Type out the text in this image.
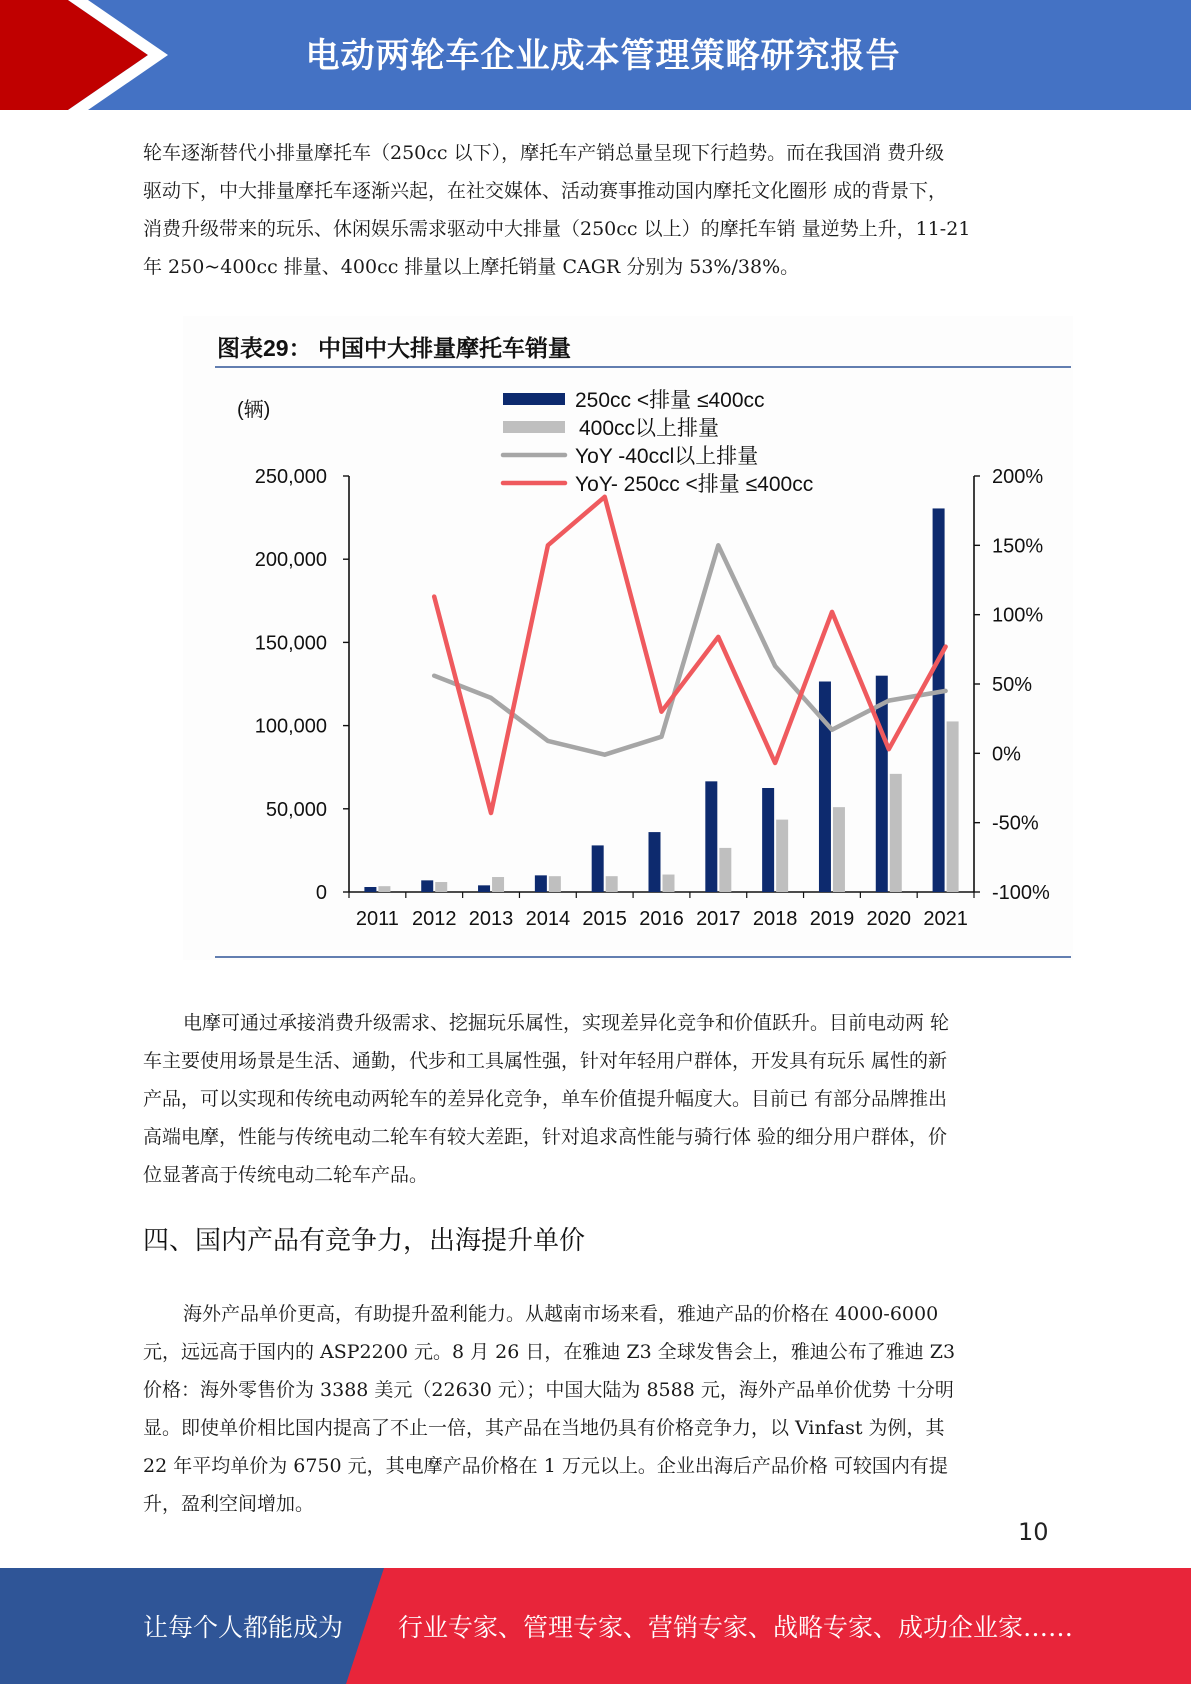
电动两轮车企业成本管理策略研究报告

轮车逐渐替代小排量摩托车（250cc 以下），摩托车产销总量呈现下行趋势。而在我国消 费升级

驱动下，中大排量摩托车逐渐兴起，在社交媒体、活动赛事推动国内摩托文化圈形 成的背景下，

消费升级带来的玩乐、休闲娱乐需求驱动中大排量（250cc 以上）的摩托车销 量逆势上升，11-21

年 250~400cc 排量、400cc 排量以上摩托销量 CAGR 分别为 53%/38%。

图表29： 中国中大排量摩托车销量
(辆)	250cc <排量 ≤400cc
400cc以上排量
YoY -40ccl以上排量
YoY- 250cc <排量 ≤400cc
0
50,000
100,000
150,000
200,000
250,000
-100%
-50%
0%
50%
100%
150%
200%
2011 2012 2013 2014 2015 2016 2017 2018 2019 2020 2021

电摩可通过承接消费升级需求、挖掘玩乐属性，实现差异化竞争和价值跃升。目前电动两 轮

车主要使用场景是生活、通勤，代步和工具属性强，针对年轻用户群体，开发具有玩乐 属性的新

产品，可以实现和传统电动两轮车的差异化竞争，单车价值提升幅度大。目前已 有部分品牌推出

高端电摩，性能与传统电动二轮车有较大差距，针对追求高性能与骑行体 验的细分用户群体，价

位显著高于传统电动二轮车产品。

四、国内产品有竞争力，出海提升单价

海外产品单价更高，有助提升盈利能力。从越南市场来看，雅迪产品的价格在 4000-6000

元，远远高于国内的 ASP2200 元。8 月 26 日，在雅迪 Z3 全球发售会上，雅迪公布了雅迪 Z3

价格：海外零售价为 3388 美元（22630 元）；中国大陆为 8588 元，海外产品单价优势 十分明

显。即使单价相比国内提高了不止一倍，其产品在当地仍具有价格竞争力，以 Vinfast 为例，其

22 年平均单价为 6750 元，其电摩产品价格在 1 万元以上。企业出海后产品价格 可较国内有提

升，盈利空间增加。

10
让每个人都能成为 行业专家、管理专家、营销专家、战略专家、成功企业家……
